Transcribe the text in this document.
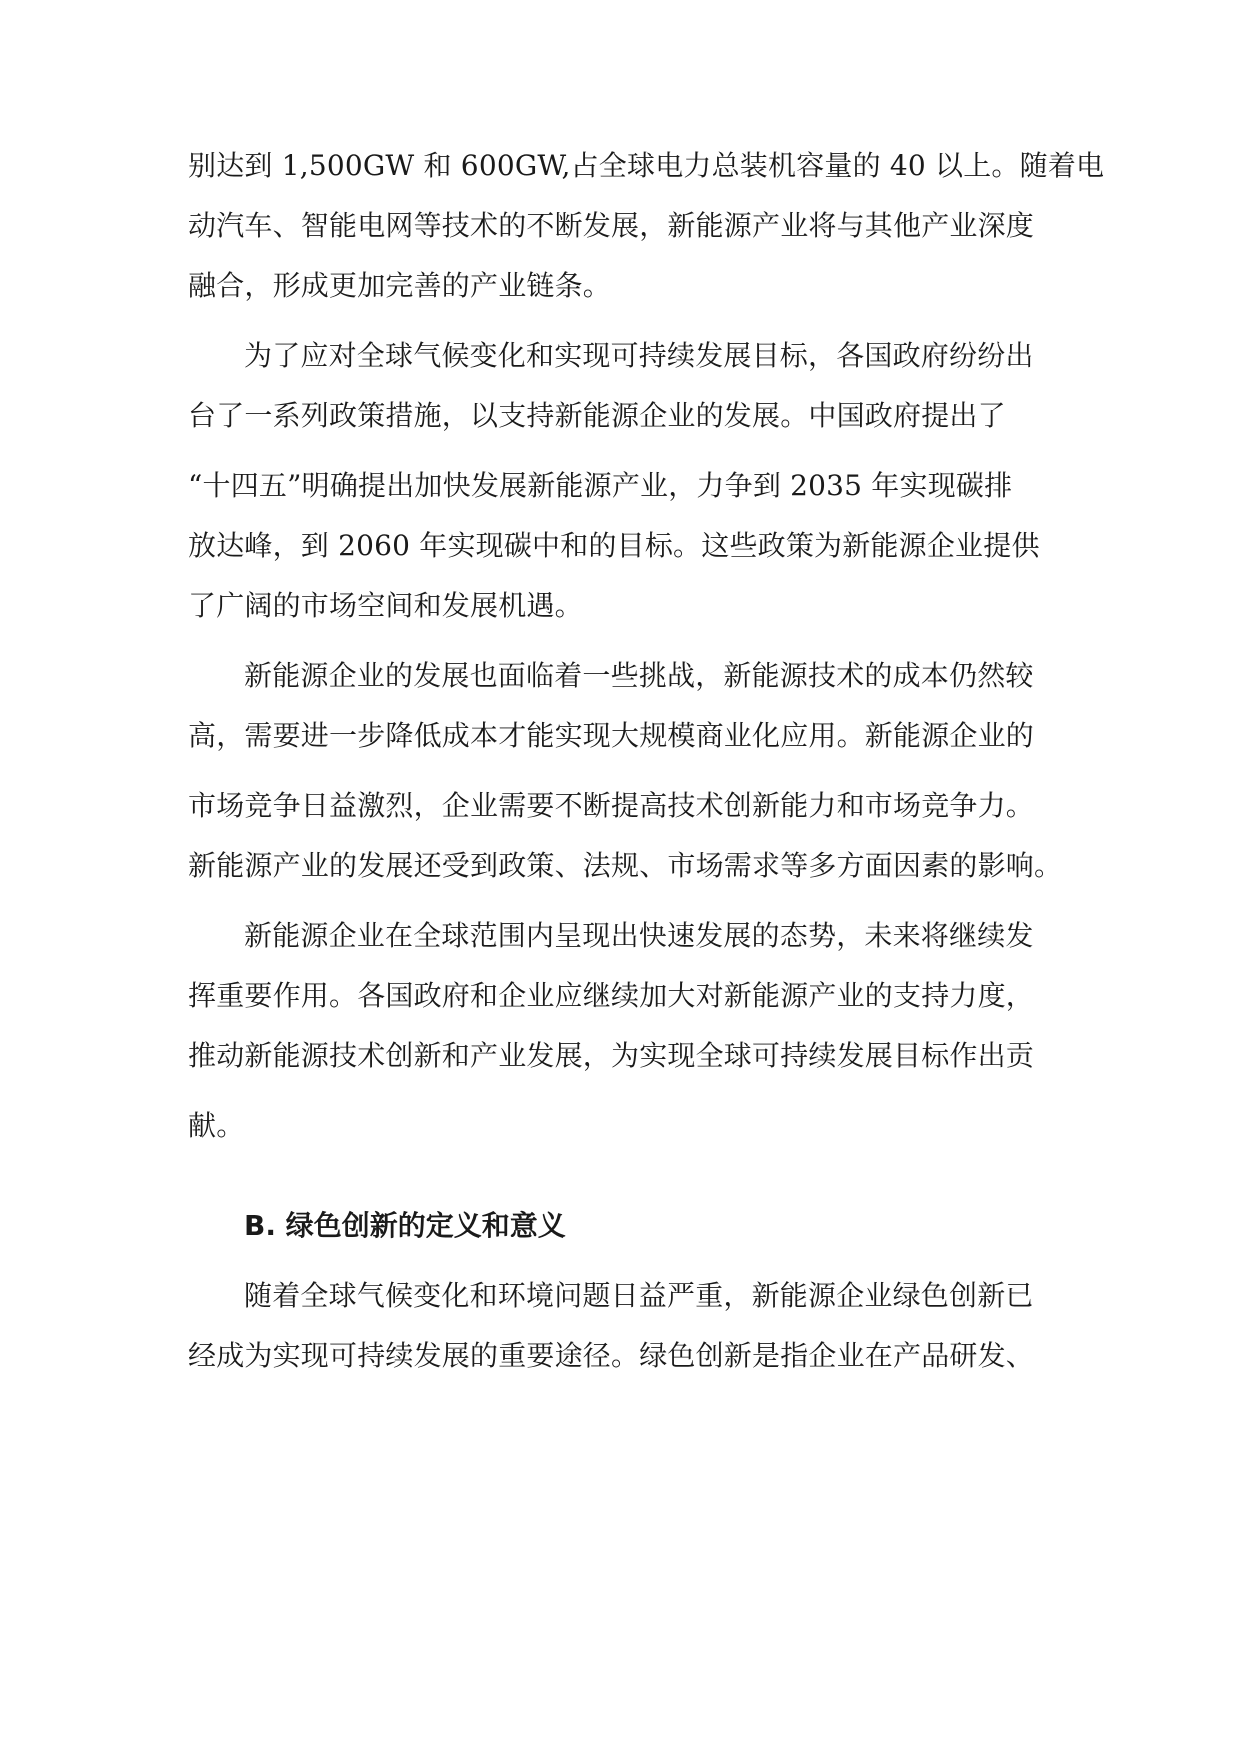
别达到 1,500GW 和 600GW,占全球电力总装机容量的 40 以上。随着电
动汽车、智能电网等技术的不断发展，新能源产业将与其他产业深度
融合，形成更加完善的产业链条。
为了应对全球气候变化和实现可持续发展目标，各国政府纷纷出
台了一系列政策措施，以支持新能源企业的发展。中国政府提出了
“十四五”明确提出加快发展新能源产业，力争到 2035 年实现碳排
放达峰，到 2060 年实现碳中和的目标。这些政策为新能源企业提供
了广阔的市场空间和发展机遇。
新能源企业的发展也面临着一些挑战，新能源技术的成本仍然较
高，需要进一步降低成本才能实现大规模商业化应用。新能源企业的
市场竞争日益激烈，企业需要不断提高技术创新能力和市场竞争力。
新能源产业的发展还受到政策、法规、市场需求等多方面因素的影响。
新能源企业在全球范围内呈现出快速发展的态势，未来将继续发
挥重要作用。各国政府和企业应继续加大对新能源产业的支持力度，
推动新能源技术创新和产业发展，为实现全球可持续发展目标作出贡
献。
B. 绿色创新的定义和意义
随着全球气候变化和环境问题日益严重，新能源企业绿色创新已
经成为实现可持续发展的重要途径。绿色创新是指企业在产品研发、
